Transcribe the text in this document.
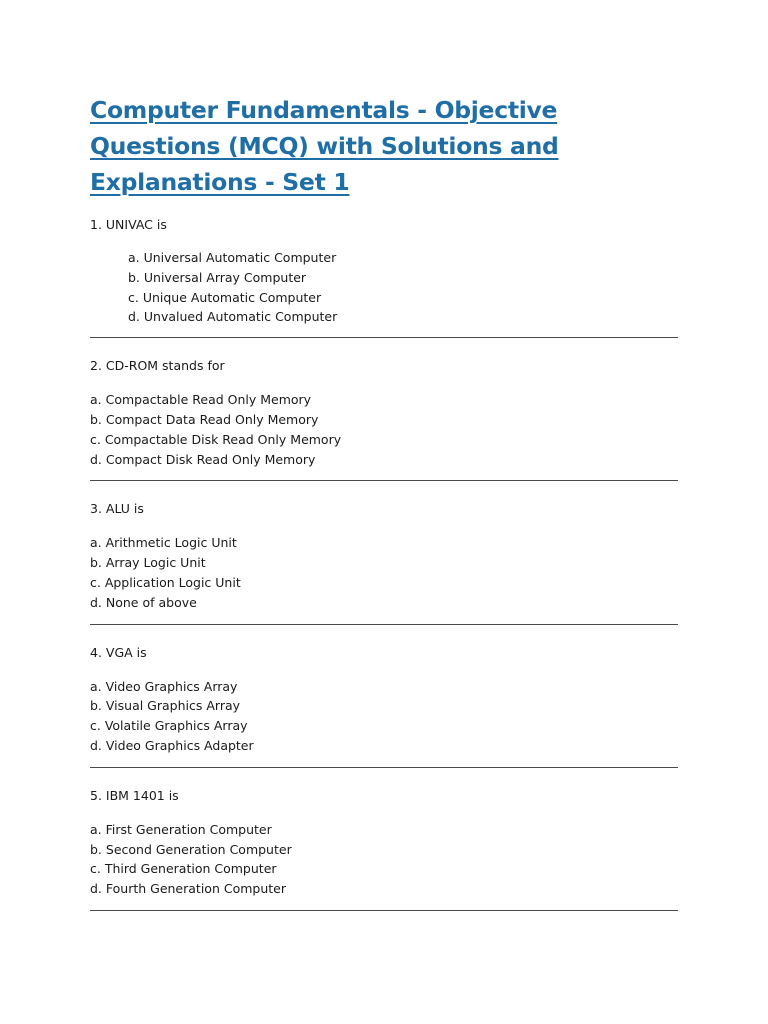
Computer Fundamentals - Objective Questions (MCQ) with Solutions and Explanations - Set 1

1. UNIVAC is

a. Universal Automatic Computer
b. Universal Array Computer
c. Unique Automatic Computer
d. Unvalued Automatic Computer

2. CD-ROM stands for

a. Compactable Read Only Memory
b. Compact Data Read Only Memory
c. Compactable Disk Read Only Memory
d. Compact Disk Read Only Memory

3. ALU is

a. Arithmetic Logic Unit
b. Array Logic Unit
c. Application Logic Unit
d. None of above

4. VGA is

a. Video Graphics Array
b. Visual Graphics Array
c. Volatile Graphics Array
d. Video Graphics Adapter

5. IBM 1401 is

a. First Generation Computer
b. Second Generation Computer
c. Third Generation Computer
d. Fourth Generation Computer
